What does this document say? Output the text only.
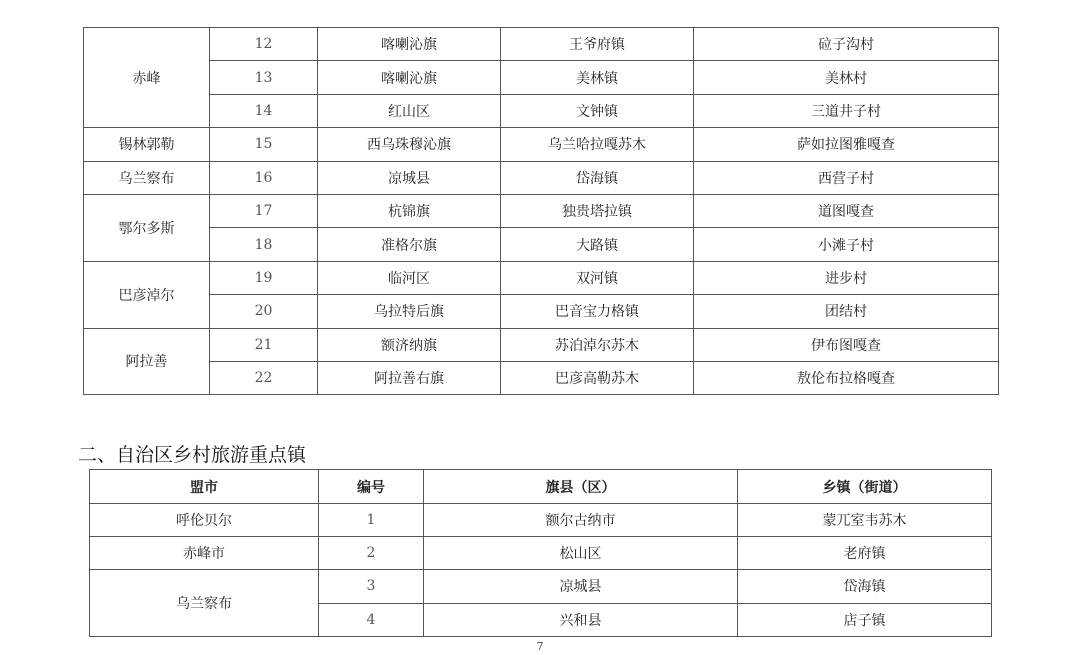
赤峰	12	喀喇沁旗	王爷府镇	砬子沟村
	13	喀喇沁旗	美林镇	美林村
	14	红山区	文钟镇	三道井子村
锡林郭勒	15	西乌珠穆沁旗	乌兰哈拉嘎苏木	萨如拉图雅嘎查
乌兰察布	16	凉城县	岱海镇	西营子村
鄂尔多斯	17	杭锦旗	独贵塔拉镇	道图嘎查
	18	准格尔旗	大路镇	小滩子村
巴彦淖尔	19	临河区	双河镇	进步村
	20	乌拉特后旗	巴音宝力格镇	团结村
阿拉善	21	额济纳旗	苏泊淖尔苏木	伊布图嘎查
	22	阿拉善右旗	巴彦高勒苏木	敖伦布拉格嘎查
二、自治区乡村旅游重点镇
盟市	编号	旗县（区）	乡镇（街道）
呼伦贝尔	1	额尔古纳市	蒙兀室韦苏木
赤峰市	2	松山区	老府镇
乌兰察布	3	凉城县	岱海镇
	4	兴和县	店子镇
7
